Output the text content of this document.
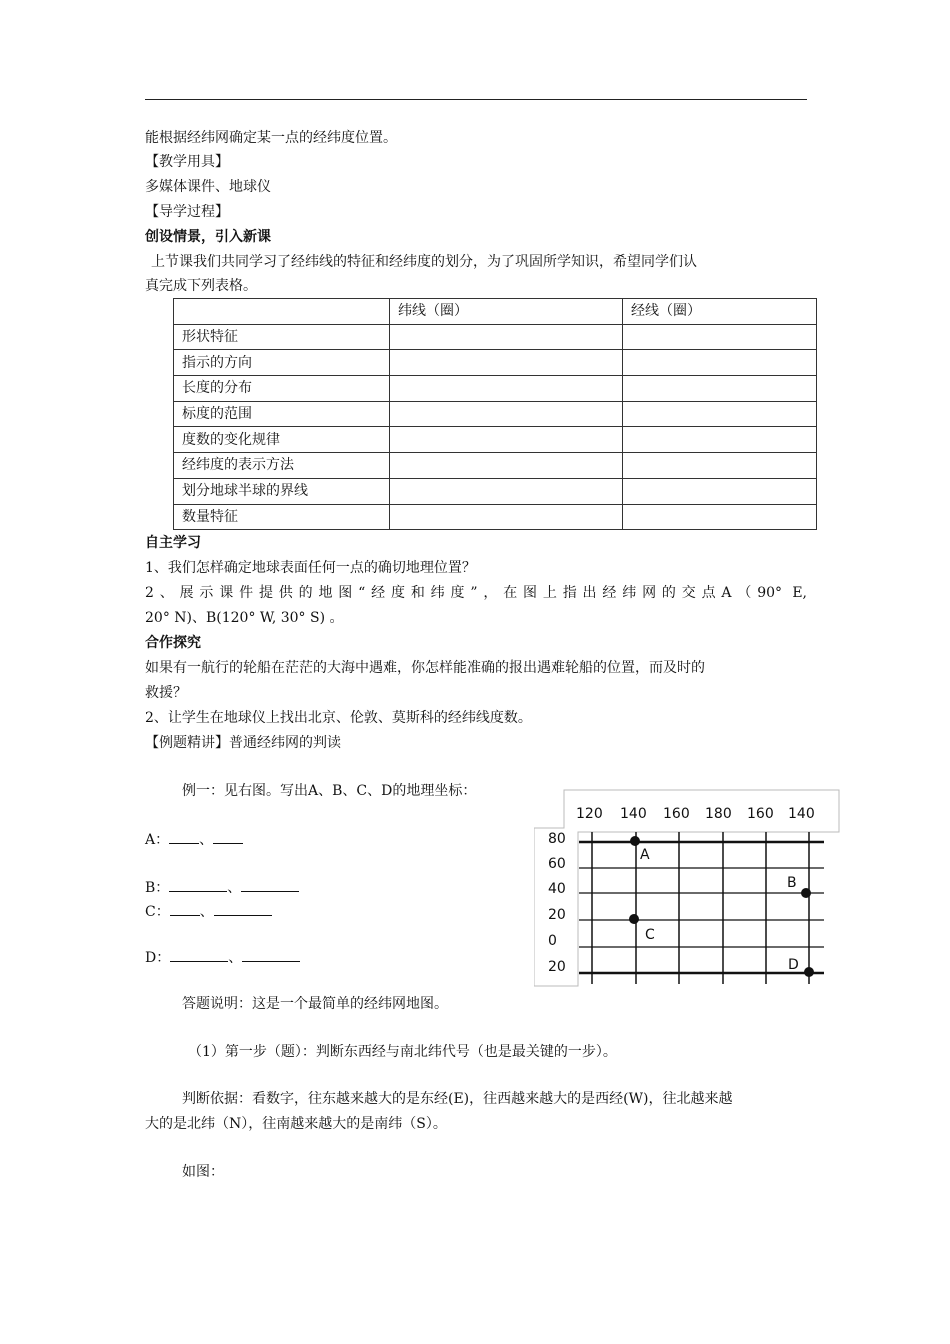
能根据经纬网确定某一点的经纬度位置。
【教学用具】
多媒体课件、地球仪
【导学过程】
创设情景，引入新课
上节课我们共同学习了经纬线的特征和经纬度的划分，为了巩固所学知识，希望同学们认
真完成下列表格。
	纬线（圈）	经线（圈）
形状特征		
指示的方向		
长度的分布		
标度的范围		
度数的变化规律		
经纬度的表示方法		
划分地球半球的界线		
数量特征		
自主学习
1、我们怎样确定地球表面任何一点的确切地理位置？
2、展示课件提供的地图“经度和纬度”，在图上指出经纬网的交点A（90° E,
20° N)、B(120° W, 30° S) 。
合作探究
如果有一航行的轮船在茫茫的大海中遇难，你怎样能准确的报出遇难轮船的位置，而及时的
救援？
2、让学生在地球仪上找出北京、伦敦、莫斯科的经纬线度数。
【例题精讲】普通经纬网的判读
例一：见右图。写出A、B、C、D的地理坐标：
A： 、
B：	、
C： 、
D：	、
答题说明：这是一个最简单的经纬网地图。
（1）第一步（题）：判断东西经与南北纬代号（也是最关键的一步）。
判断依据：看数字，往东越来越大的是东经(E)，往西越来越大的是西经(W)，往北越来越
大的是北纬（N），往南越来越大的是南纬（S）。
如图：
120 140 160 180 160 140
80
60
40
20
0
20
A
B
C
D
